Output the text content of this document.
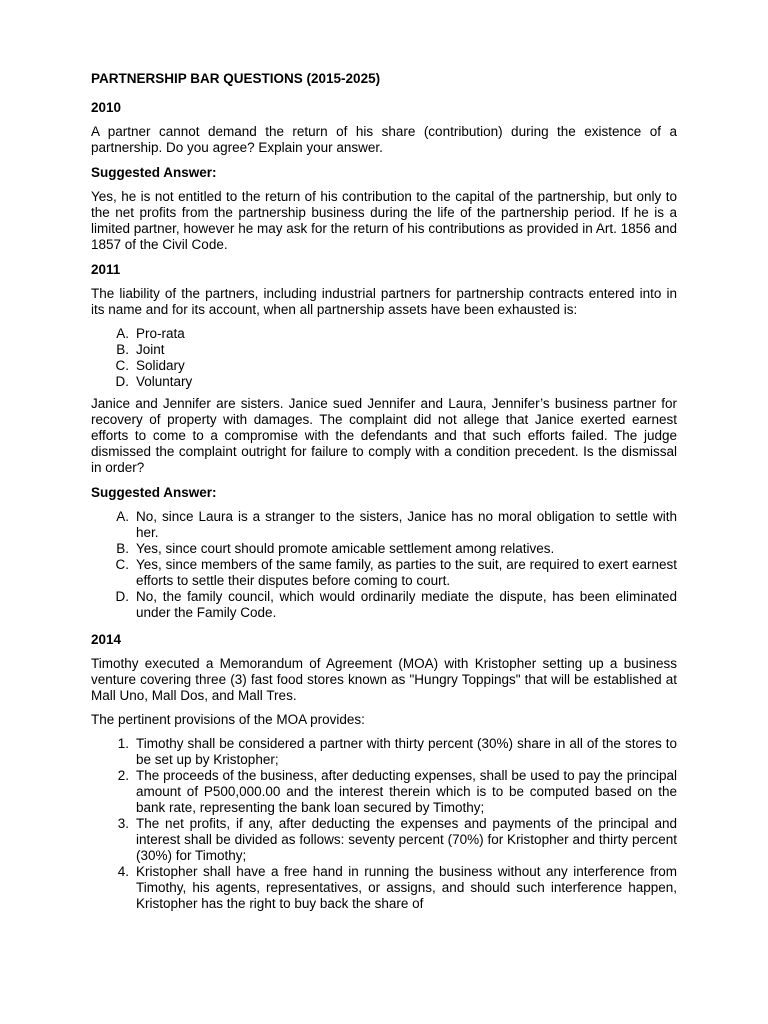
PARTNERSHIP BAR QUESTIONS (2015-2025)
2010

A partner cannot demand the return of his share (contribution) during the existence of a partnership. Do you agree? Explain your answer.

Suggested Answer:

Yes, he is not entitled to the return of his contribution to the capital of the partnership, but only to the net profits from the partnership business during the life of the partnership period. If he is a limited partner, however he may ask for the return of his contributions as provided in Art. 1856 and 1857 of the Civil Code.

2011

The liability of the partners, including industrial partners for partnership contracts entered into in its name and for its account, when all partnership assets have been exhausted is:

A. Pro-rata
B. Joint
C. Solidary
D. Voluntary

Janice and Jennifer are sisters. Janice sued Jennifer and Laura, Jennifer’s business partner for recovery of property with damages. The complaint did not allege that Janice exerted earnest efforts to come to a compromise with the defendants and that such efforts failed. The judge dismissed the complaint outright for failure to comply with a condition precedent. Is the dismissal in order?

Suggested Answer:
A. No, since Laura is a stranger to the sisters, Janice has no moral obligation to settle with her.
B. Yes, since court should promote amicable settlement among relatives.
C. Yes, since members of the same family, as parties to the suit, are required to exert earnest efforts to settle their disputes before coming to court.
D. No, the family council, which would ordinarily mediate the dispute, has been eliminated under the Family Code.
2014

Timothy executed a Memorandum of Agreement (MOA) with Kristopher setting up a business venture covering three (3) fast food stores known as "Hungry Toppings" that will be established at Mall Uno, Mall Dos, and Mall Tres.

The pertinent provisions of the MOA provides:

1. Timothy shall be considered a partner with thirty percent (30%) share in all of the stores to be set up by Kristopher;
2. The proceeds of the business, after deducting expenses, shall be used to pay the principal amount of P500,000.00 and the interest therein which is to be computed based on the bank rate, representing the bank loan secured by Timothy;
3. The net profits, if any, after deducting the expenses and payments of the principal and interest shall be divided as follows: seventy percent (70%) for Kristopher and thirty percent (30%) for Timothy;
4. Kristopher shall have a free hand in running the business without any interference from Timothy, his agents, representatives, or assigns, and should such interference happen, Kristopher has the right to buy back the share of
